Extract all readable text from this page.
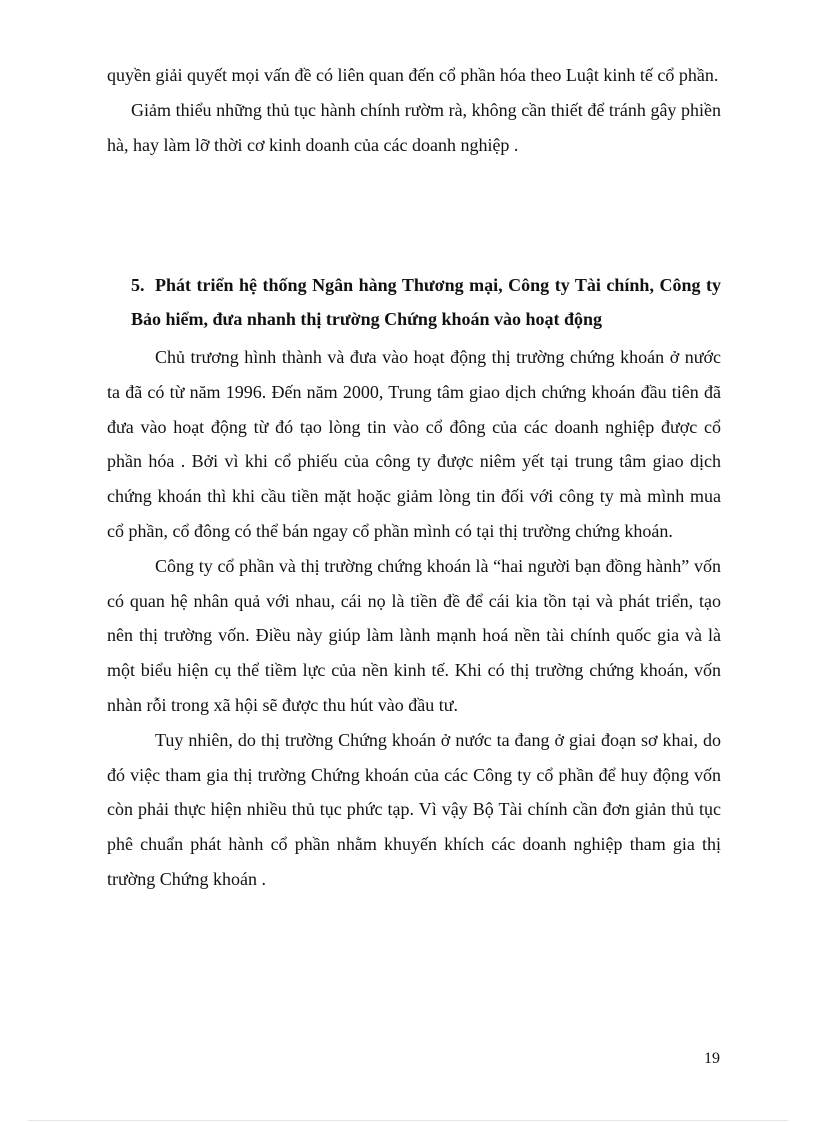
quyền giải quyết mọi vấn đề có liên quan đến cổ phần hóa theo Luật kinh tế cổ phần.

Giảm thiểu những thủ tục hành chính rườm rà, không cần thiết để tránh gây phiền hà, hay làm lỡ thời cơ kinh doanh của các doanh nghiệp .

5. Phát triển hệ thống Ngân hàng Thương mại, Công ty Tài chính, Công ty Bảo hiểm, đưa nhanh thị trường Chứng khoán vào hoạt động

Chủ trương hình thành và đưa vào hoạt động thị trường chứng khoán ở nước ta đã có từ năm 1996. Đến năm 2000, Trung tâm giao dịch chứng khoán đầu tiên đã đưa vào hoạt động từ đó tạo lòng tin vào cổ đông của các doanh nghiệp được cổ phần hóa . Bởi vì khi cổ phiếu của công ty được niêm yết tại trung tâm giao dịch chứng khoán thì khi cầu tiền mặt hoặc giảm lòng tin đối với công ty mà mình mua cổ phần, cổ đông có thể bán ngay cổ phần mình có tại thị trường chứng khoán.

Công ty cổ phần và thị trường chứng khoán là “hai người bạn đồng hành” vốn có quan hệ nhân quả với nhau, cái nọ là tiền đề để cái kia tồn tại và phát triển, tạo nên thị trường vốn. Điều này giúp làm lành mạnh hoá nền tài chính quốc gia và là một biểu hiện cụ thể tiềm lực của nền kinh tế. Khi có thị trường chứng khoán, vốn nhàn rỗi trong xã hội sẽ được thu hút vào đầu tư.

Tuy nhiên, do thị trường Chứng khoán ở nước ta đang ở giai đoạn sơ khai, do đó việc tham gia thị trường Chứng khoán của các Công ty cổ phần để huy động vốn còn phải thực hiện nhiều thủ tục phức tạp. Vì vậy Bộ Tài chính cần đơn giản thủ tục phê chuẩn phát hành cổ phần nhằm khuyến khích các doanh nghiệp tham gia thị trường Chứng khoán .

19
